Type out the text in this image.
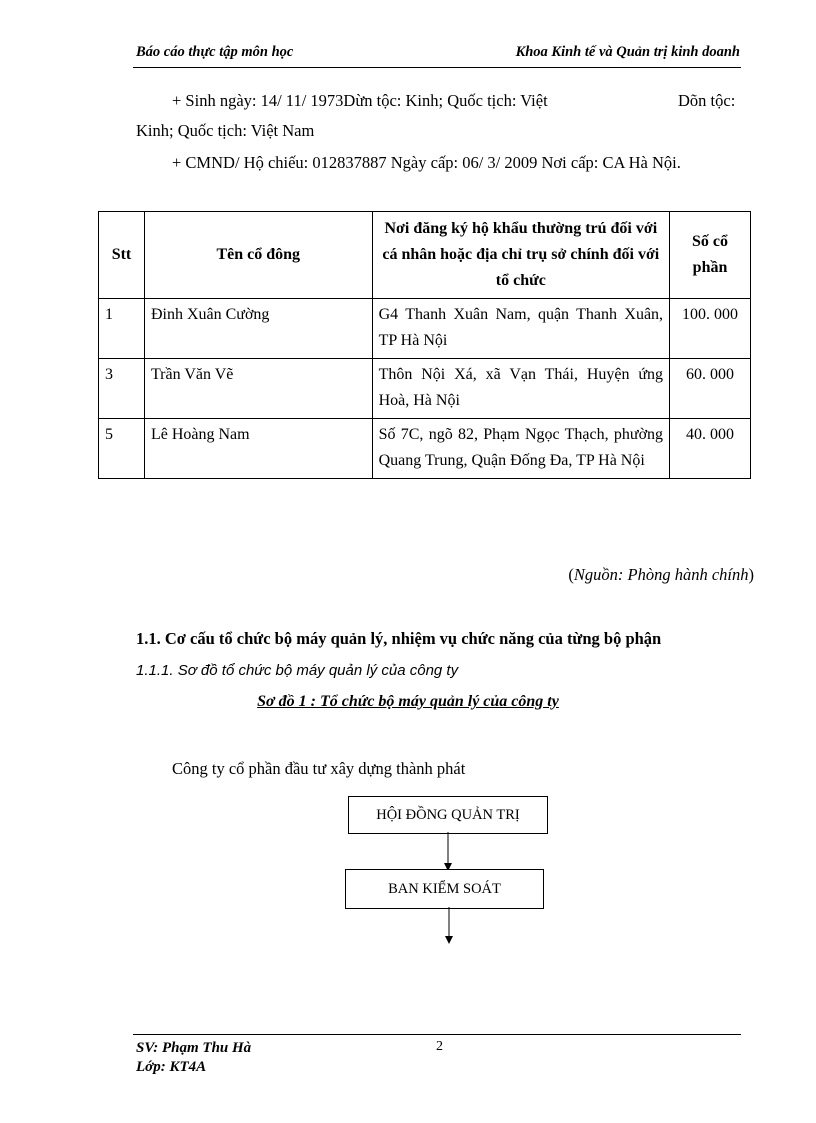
Báo cáo thực tập môn học	Khoa Kinh tế và Quản trị kinh doanh
+ Sinh ngày: 14/ 11/ 1973Dừn tộc: Kinh; Quốc tịch: Việt	Dõn tộc:
Kinh; Quốc tịch: Việt Nam
+ CMND/ Hộ chiếu: 012837887 Ngày cấp: 06/ 3/ 2009 Nơi cấp: CA Hà Nội.
Stt	Tên cổ đông	Nơi đăng ký hộ khẩu thường trú đối với cá nhân hoặc địa chỉ trụ sở chính đối với tổ chức	Số cổ phần
1	Đinh Xuân Cường	G4 Thanh Xuân Nam, quận Thanh Xuân, TP Hà Nội	100. 000
3	Trần Văn Vẽ	Thôn Nội Xá, xã Vạn Thái, Huyện ứng Hoà, Hà Nội	60. 000
5	Lê Hoàng Nam	Số 7C, ngõ 82, Phạm Ngọc Thạch, phường Quang Trung, Quận Đống Đa, TP Hà Nội	40. 000
(Nguồn: Phòng hành chính)
1.1. Cơ cấu tổ chức bộ máy quản lý, nhiệm vụ chức năng của từng bộ phận
1.1.1. Sơ đồ tổ chức bộ máy quản lý của công ty
Sơ đồ 1 : Tổ chức bộ máy quản lý của công ty
Công ty cổ phần đầu tư xây dựng thành phát
HỘI ĐỒNG QUẢN TRỊ
BAN KIỂM SOÁT
SV: Phạm Thu Hà
Lớp: KT4A
2
